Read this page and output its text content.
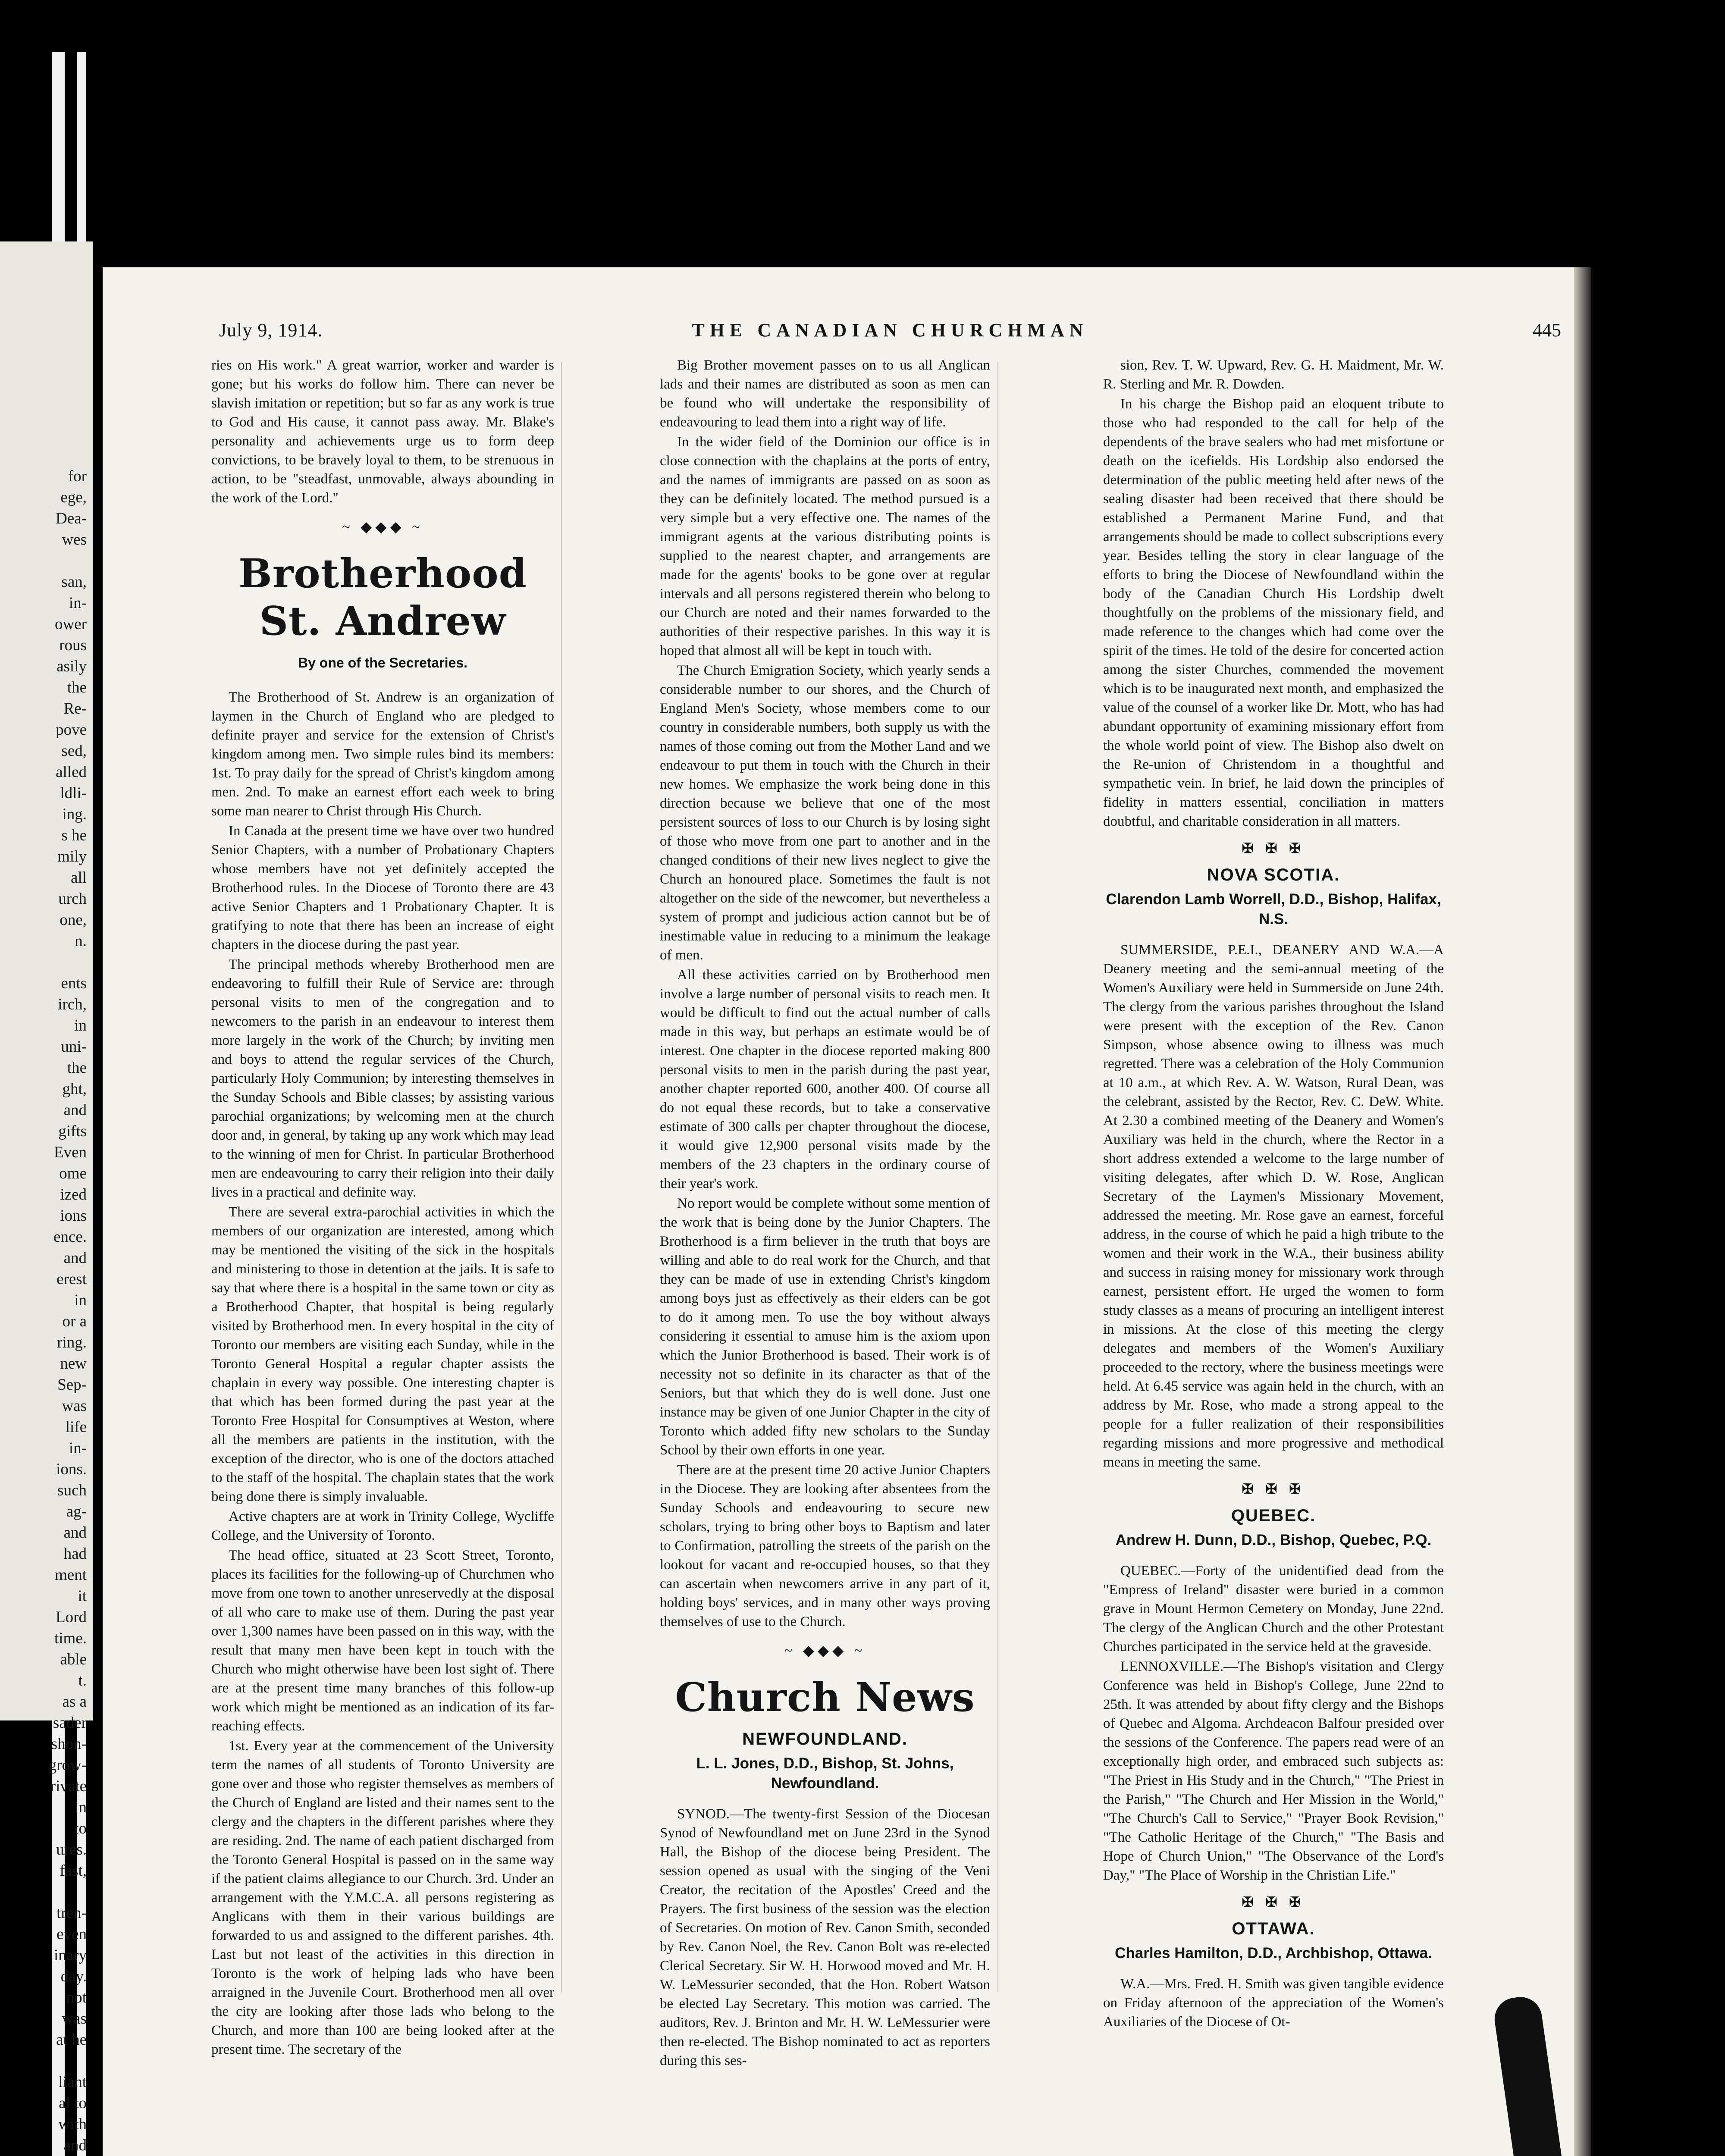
for
ege,
Dea-
wes

san,
in-
ower
rous
asily
the
Re-
pove
sed,
alled
ldli-
ing.
s he
mily
all
urch
one,
n.

ents
irch,
in
uni-
the
ght,
and
gifts
Even
ome
ized
ions
ence.
and
erest
in
or a
ring.
new
Sep-
was
life
in-
ions.
such
ag-
and
had
ment
it
Lord
time.
able
t.
as a
sader
shon-
grow-
rivate
in
to
ures.
fast,

tren-
even
inary
day.
not
was
at he

liant
al to
with
and

July 9, 1914.	THE CANADIAN CHURCHMAN	445

ries on His work." A great warrior, worker and warder is gone; but his works do follow him. There can never be slavish imitation or repetition; but so far as any work is true to God and His cause, it cannot pass away. Mr. Blake's personality and achievements urge us to form deep convictions, to be bravely loyal to them, to be strenuous in action, to be "steadfast, unmovable, always abounding in the work of the Lord."

~ ◆◆◆ ~
Brotherhood St. Andrew
By one of the Secretaries.

The Brotherhood of St. Andrew is an organization of laymen in the Church of England who are pledged to definite prayer and service for the extension of Christ's kingdom among men. Two simple rules bind its members: 1st. To pray daily for the spread of Christ's kingdom among men. 2nd. To make an earnest effort each week to bring some man nearer to Christ through His Church.

In Canada at the present time we have over two hundred Senior Chapters, with a number of Probationary Chapters whose members have not yet definitely accepted the Brotherhood rules. In the Diocese of Toronto there are 43 active Senior Chapters and 1 Probationary Chapter. It is gratifying to note that there has been an increase of eight chapters in the diocese during the past year.

The principal methods whereby Brotherhood men are endeavoring to fulfill their Rule of Service are: through personal visits to men of the congregation and to newcomers to the parish in an endeavour to interest them more largely in the work of the Church; by inviting men and boys to attend the regular services of the Church, particularly Holy Communion; by interesting themselves in the Sunday Schools and Bible classes; by assisting various parochial organizations; by welcoming men at the church door and, in general, by taking up any work which may lead to the winning of men for Christ. In particular Brotherhood men are endeavouring to carry their religion into their daily lives in a practical and definite way.

There are several extra-parochial activities in which the members of our organization are interested, among which may be mentioned the visiting of the sick in the hospitals and ministering to those in detention at the jails. It is safe to say that where there is a hospital in the same town or city as a Brotherhood Chapter, that hospital is being regularly visited by Brotherhood men. In every hospital in the city of Toronto our members are visiting each Sunday, while in the Toronto General Hospital a regular chapter assists the chaplain in every way possible. One interesting chapter is that which has been formed during the past year at the Toronto Free Hospital for Consumptives at Weston, where all the members are patients in the institution, with the exception of the director, who is one of the doctors attached to the staff of the hospital. The chaplain states that the work being done there is simply invaluable.

Active chapters are at work in Trinity College, Wycliffe College, and the University of Toronto.

The head office, situated at 23 Scott Street, Toronto, places its facilities for the following-up of Churchmen who move from one town to another unreservedly at the disposal of all who care to make use of them. During the past year over 1,300 names have been passed on in this way, with the result that many men have been kept in touch with the Church who might otherwise have been lost sight of. There are at the present time many branches of this follow-up work which might be mentioned as an indication of its far-reaching effects.

1st. Every year at the commencement of the University term the names of all students of Toronto University are gone over and those who register themselves as members of the Church of England are listed and their names sent to the clergy and the chapters in the different parishes where they are residing. 2nd. The name of each patient discharged from the Toronto General Hospital is passed on in the same way if the patient claims allegiance to our Church. 3rd. Under an arrangement with the Y.M.C.A. all persons registering as Anglicans with them in their various buildings are forwarded to us and assigned to the different parishes. 4th. Last but not least of the activities in this direction in Toronto is the work of helping lads who have been arraigned in the Juvenile Court. Brotherhood men all over the city are looking after those lads who belong to the Church, and more than 100 are being looked after at the present time. The secretary of the

Big Brother movement passes on to us all Anglican lads and their names are distributed as soon as men can be found who will undertake the responsibility of endeavouring to lead them into a right way of life.

In the wider field of the Dominion our office is in close connection with the chaplains at the ports of entry, and the names of immigrants are passed on as soon as they can be definitely located. The method pursued is a very simple but a very effective one. The names of the immigrant agents at the various distributing points is supplied to the nearest chapter, and arrangements are made for the agents' books to be gone over at regular intervals and all persons registered therein who belong to our Church are noted and their names forwarded to the authorities of their respective parishes. In this way it is hoped that almost all will be kept in touch with.

The Church Emigration Society, which yearly sends a considerable number to our shores, and the Church of England Men's Society, whose members come to our country in considerable numbers, both supply us with the names of those coming out from the Mother Land and we endeavour to put them in touch with the Church in their new homes. We emphasize the work being done in this direction because we believe that one of the most persistent sources of loss to our Church is by losing sight of those who move from one part to another and in the changed conditions of their new lives neglect to give the Church an honoured place. Sometimes the fault is not altogether on the side of the newcomer, but nevertheless a system of prompt and judicious action cannot but be of inestimable value in reducing to a minimum the leakage of men.

All these activities carried on by Brotherhood men involve a large number of personal visits to reach men. It would be difficult to find out the actual number of calls made in this way, but perhaps an estimate would be of interest. One chapter in the diocese reported making 800 personal visits to men in the parish during the past year, another chapter reported 600, another 400. Of course all do not equal these records, but to take a conservative estimate of 300 calls per chapter throughout the diocese, it would give 12,900 personal visits made by the members of the 23 chapters in the ordinary course of their year's work.

No report would be complete without some mention of the work that is being done by the Junior Chapters. The Brotherhood is a firm believer in the truth that boys are willing and able to do real work for the Church, and that they can be made of use in extending Christ's kingdom among boys just as effectively as their elders can be got to do it among men. To use the boy without always considering it essential to amuse him is the axiom upon which the Junior Brotherhood is based. Their work is of necessity not so definite in its character as that of the Seniors, but that which they do is well done. Just one instance may be given of one Junior Chapter in the city of Toronto which added fifty new scholars to the Sunday School by their own efforts in one year.

There are at the present time 20 active Junior Chapters in the Diocese. They are looking after absentees from the Sunday Schools and endeavouring to secure new scholars, trying to bring other boys to Baptism and later to Confirmation, patrolling the streets of the parish on the lookout for vacant and re-occupied houses, so that they can ascertain when newcomers arrive in any part of it, holding boys' services, and in many other ways proving themselves of use to the Church.

~ ◆◆◆ ~
Church News
NEWFOUNDLAND.
L. L. Jones, D.D., Bishop, St. Johns, Newfoundland.

SYNOD.—The twenty-first Session of the Diocesan Synod of Newfoundland met on June 23rd in the Synod Hall, the Bishop of the diocese being President. The session opened as usual with the singing of the Veni Creator, the recitation of the Apostles' Creed and the Prayers. The first business of the session was the election of Secretaries. On motion of Rev. Canon Smith, seconded by Rev. Canon Noel, the Rev. Canon Bolt was re-elected Clerical Secretary. Sir W. H. Horwood moved and Mr. H. W. LeMessurier seconded, that the Hon. Robert Watson be elected Lay Secretary. This motion was carried. The auditors, Rev. J. Brinton and Mr. H. W. LeMessurier were then re-elected. The Bishop nominated to act as reporters during this ses-

sion, Rev. T. W. Upward, Rev. G. H. Maidment, Mr. W. R. Sterling and Mr. R. Dowden.

In his charge the Bishop paid an eloquent tribute to those who had responded to the call for help of the dependents of the brave sealers who had met misfortune or death on the icefields. His Lordship also endorsed the determination of the public meeting held after news of the sealing disaster had been received that there should be established a Permanent Marine Fund, and that arrangements should be made to collect subscriptions every year. Besides telling the story in clear language of the efforts to bring the Diocese of Newfoundland within the body of the Canadian Church His Lordship dwelt thoughtfully on the problems of the missionary field, and made reference to the changes which had come over the spirit of the times. He told of the desire for concerted action among the sister Churches, commended the movement which is to be inaugurated next month, and emphasized the value of the counsel of a worker like Dr. Mott, who has had abundant opportunity of examining missionary effort from the whole world point of view. The Bishop also dwelt on the Re-union of Christendom in a thoughtful and sympathetic vein. In brief, he laid down the principles of fidelity in matters essential, conciliation in matters doubtful, and charitable consideration in all matters.

✠ ✠ ✠
NOVA SCOTIA.
Clarendon Lamb Worrell, D.D., Bishop, Halifax, N.S.

SUMMERSIDE, P.E.I., DEANERY AND W.A.—A Deanery meeting and the semi-annual meeting of the Women's Auxiliary were held in Summerside on June 24th. The clergy from the various parishes throughout the Island were present with the exception of the Rev. Canon Simpson, whose absence owing to illness was much regretted. There was a celebration of the Holy Communion at 10 a.m., at which Rev. A. W. Watson, Rural Dean, was the celebrant, assisted by the Rector, Rev. C. DeW. White. At 2.30 a combined meeting of the Deanery and Women's Auxiliary was held in the church, where the Rector in a short address extended a welcome to the large number of visiting delegates, after which D. W. Rose, Anglican Secretary of the Laymen's Missionary Movement, addressed the meeting. Mr. Rose gave an earnest, forceful address, in the course of which he paid a high tribute to the women and their work in the W.A., their business ability and success in raising money for missionary work through earnest, persistent effort. He urged the women to form study classes as a means of procuring an intelligent interest in missions. At the close of this meeting the clergy delegates and members of the Women's Auxiliary proceeded to the rectory, where the business meetings were held. At 6.45 service was again held in the church, with an address by Mr. Rose, who made a strong appeal to the people for a fuller realization of their responsibilities regarding missions and more progressive and methodical means in meeting the same.

✠ ✠ ✠
QUEBEC.
Andrew H. Dunn, D.D., Bishop, Quebec, P.Q.

QUEBEC.—Forty of the unidentified dead from the "Empress of Ireland" disaster were buried in a common grave in Mount Hermon Cemetery on Monday, June 22nd. The clergy of the Anglican Church and the other Protestant Churches participated in the service held at the graveside.

LENNOXVILLE.—The Bishop's visitation and Clergy Conference was held in Bishop's College, June 22nd to 25th. It was attended by about fifty clergy and the Bishops of Quebec and Algoma. Archdeacon Balfour presided over the sessions of the Conference. The papers read were of an exceptionally high order, and embraced such subjects as: "The Priest in His Study and in the Church," "The Priest in the Parish," "The Church and Her Mission in the World," "The Church's Call to Service," "Prayer Book Revision," "The Catholic Heritage of the Church," "The Basis and Hope of Church Union," "The Observance of the Lord's Day," "The Place of Worship in the Christian Life."

✠ ✠ ✠
OTTAWA.
Charles Hamilton, D.D., Archbishop, Ottawa.

W.A.—Mrs. Fred. H. Smith was given tangible evidence on Friday afternoon of the appreciation of the Women's Auxiliaries of the Diocese of Ot-
